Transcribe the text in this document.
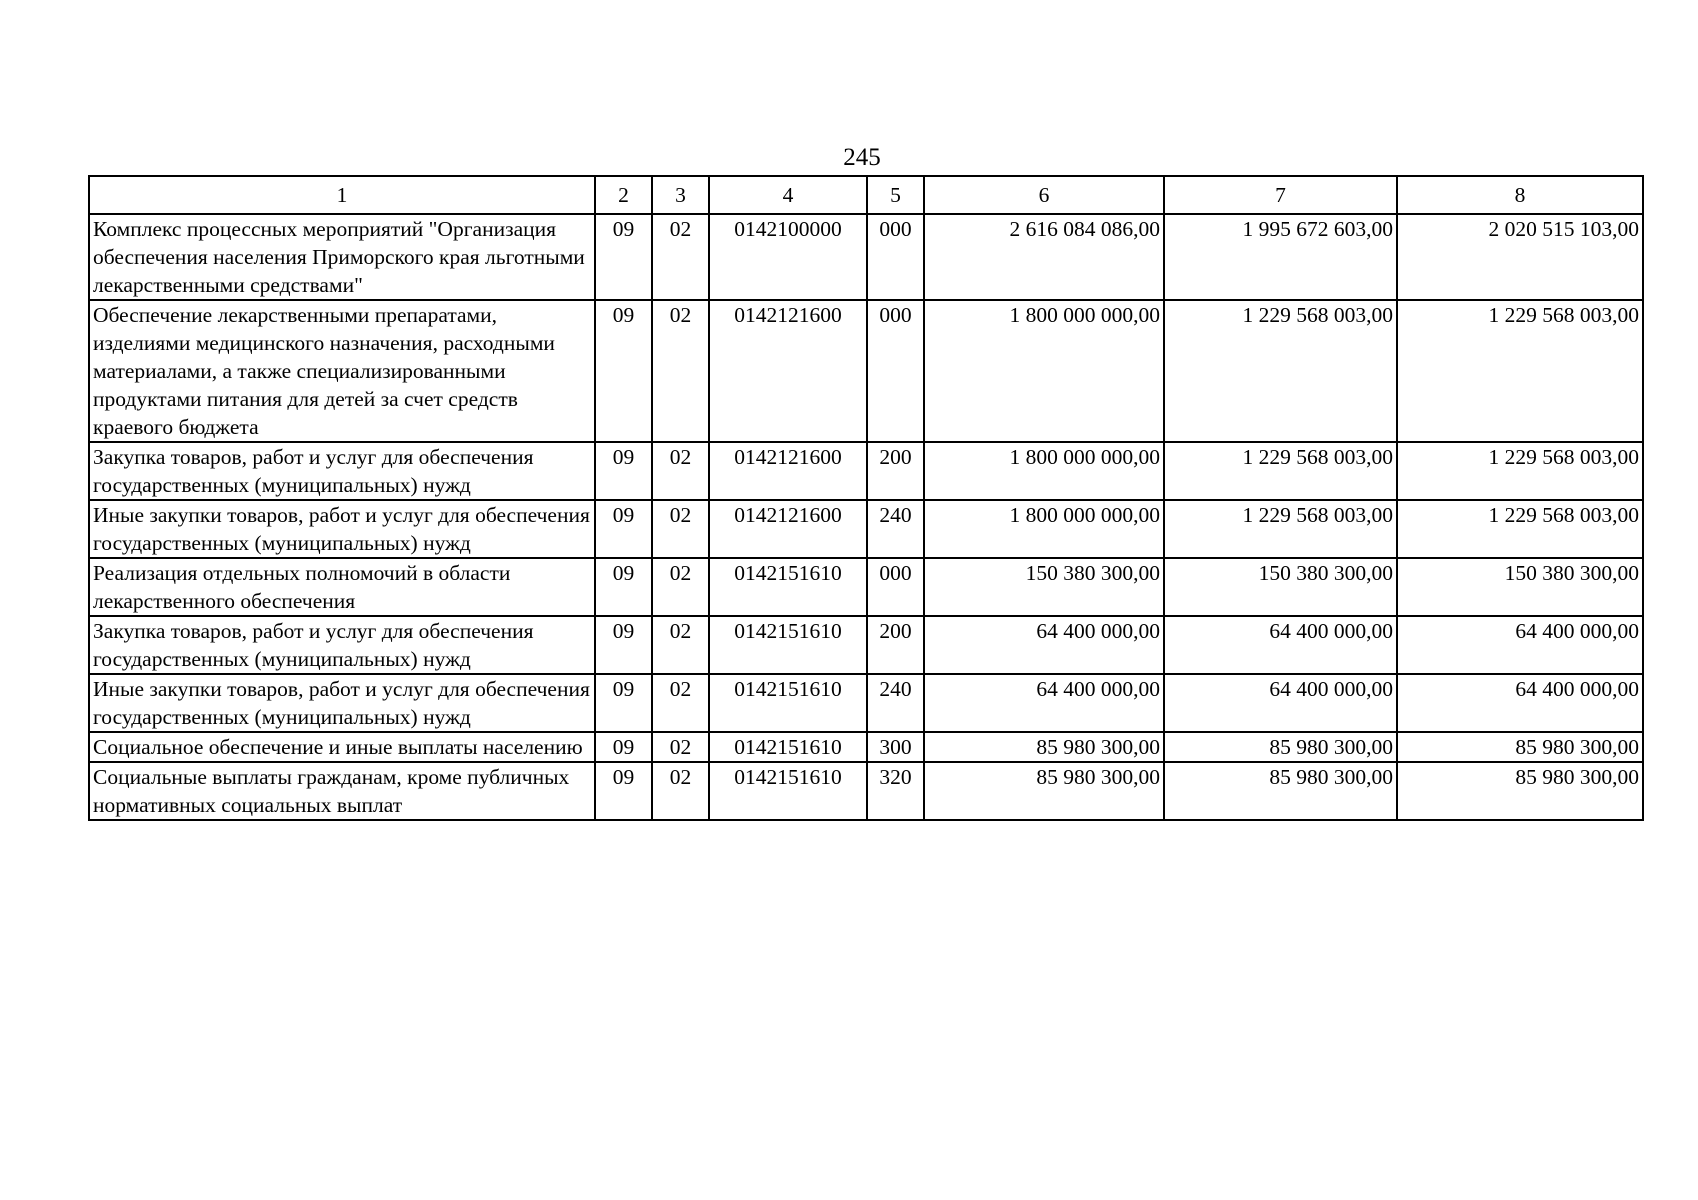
245
1	2	3	4	5	6	7	8
Комплекс процессных мероприятий "Организация обеспечения населения Приморского края льготными лекарственными средствами"	09	02	0142100000	000	2 616 084 086,00	1 995 672 603,00	2 020 515 103,00
Обеспечение лекарственными препаратами, изделиями медицинского назначения, расходными материалами, а также специализированными продуктами питания для детей за счет средств краевого бюджета	09	02	0142121600	000	1 800 000 000,00	1 229 568 003,00	1 229 568 003,00
Закупка товаров, работ и услуг для обеспечения государственных (муниципальных) нужд	09	02	0142121600	200	1 800 000 000,00	1 229 568 003,00	1 229 568 003,00
Иные закупки товаров, работ и услуг для обеспечения государственных (муниципальных) нужд	09	02	0142121600	240	1 800 000 000,00	1 229 568 003,00	1 229 568 003,00
Реализация отдельных полномочий в области лекарственного обеспечения	09	02	0142151610	000	150 380 300,00	150 380 300,00	150 380 300,00
Закупка товаров, работ и услуг для обеспечения государственных (муниципальных) нужд	09	02	0142151610	200	64 400 000,00	64 400 000,00	64 400 000,00
Иные закупки товаров, работ и услуг для обеспечения государственных (муниципальных) нужд	09	02	0142151610	240	64 400 000,00	64 400 000,00	64 400 000,00
Социальное обеспечение и иные выплаты населению	09	02	0142151610	300	85 980 300,00	85 980 300,00	85 980 300,00
Социальные выплаты гражданам, кроме публичных нормативных социальных выплат	09	02	0142151610	320	85 980 300,00	85 980 300,00	85 980 300,00
